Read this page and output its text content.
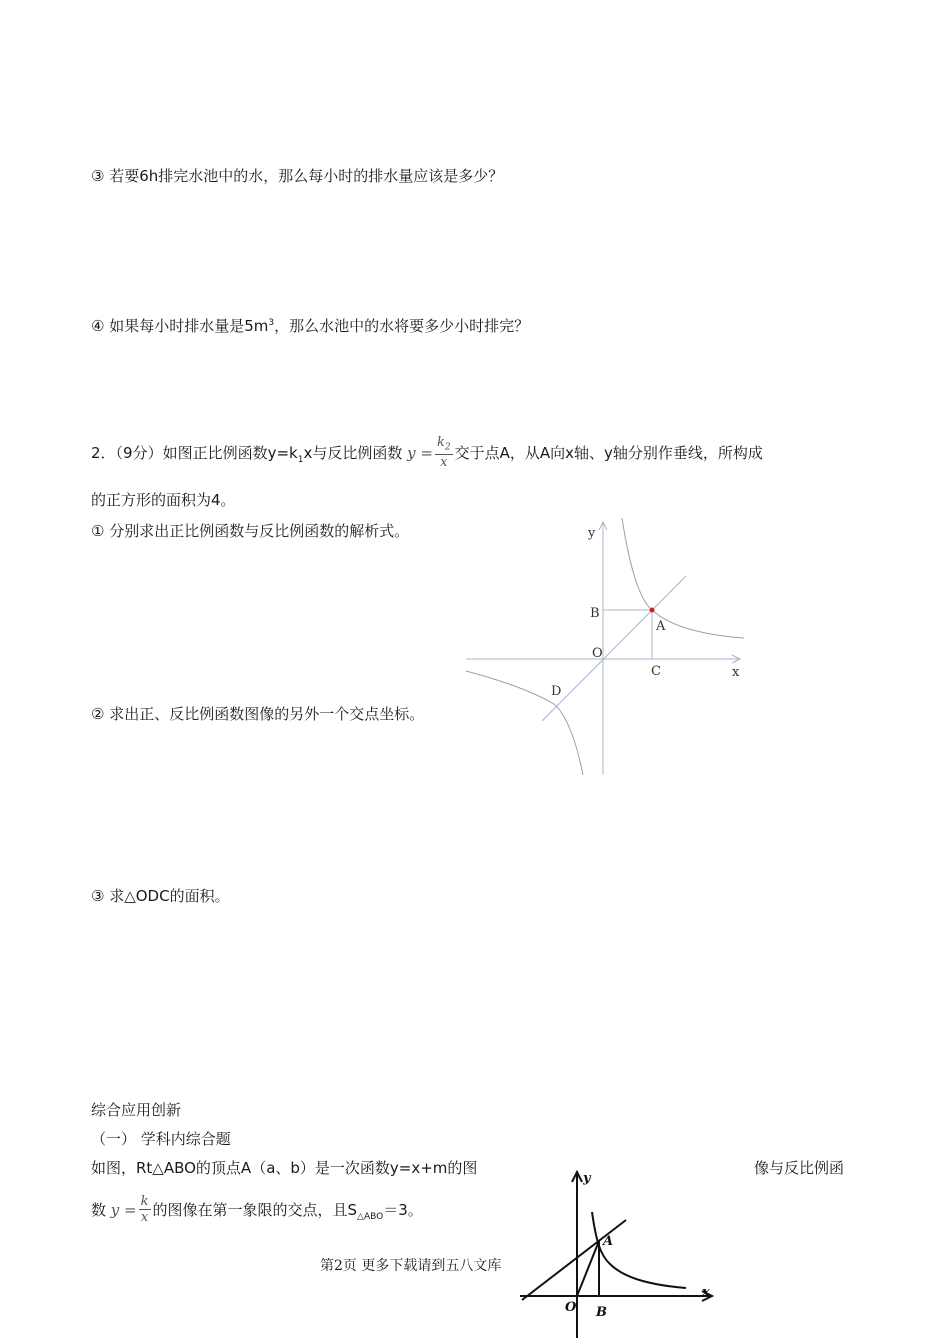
③ 若要6h排完水池中的水，那么每小时的排水量应该是多少？
④ 如果每小时排水量是$5m^3$，那么水池中的水将要多少小时排完？
2．（9分）如图正比例函数$y=k_1x$与反比例函数 $y = \frac{k_2}{x}$ 交于点A，从A向x轴、y轴分别作垂线，所构成
的正方形的面积为4。
① 分别求出正比例函数与反比例函数的解析式。
② 求出正、反比例函数图像的另外一个交点坐标。
③ 求△ODC的面积。
y
B
A
O
C	x
D
综合应用创新
（一） 学科内综合题
如图，Rt△ABO的顶点A（a、b）是一次函数y=x+m的图	像与反比例函
数 $y = \frac{k}{x}$ 的图像在第一象限的交点，且$S_{\triangle ABO}=3$。
第2页 更多下载请到五八文库
y
A
x
O B
